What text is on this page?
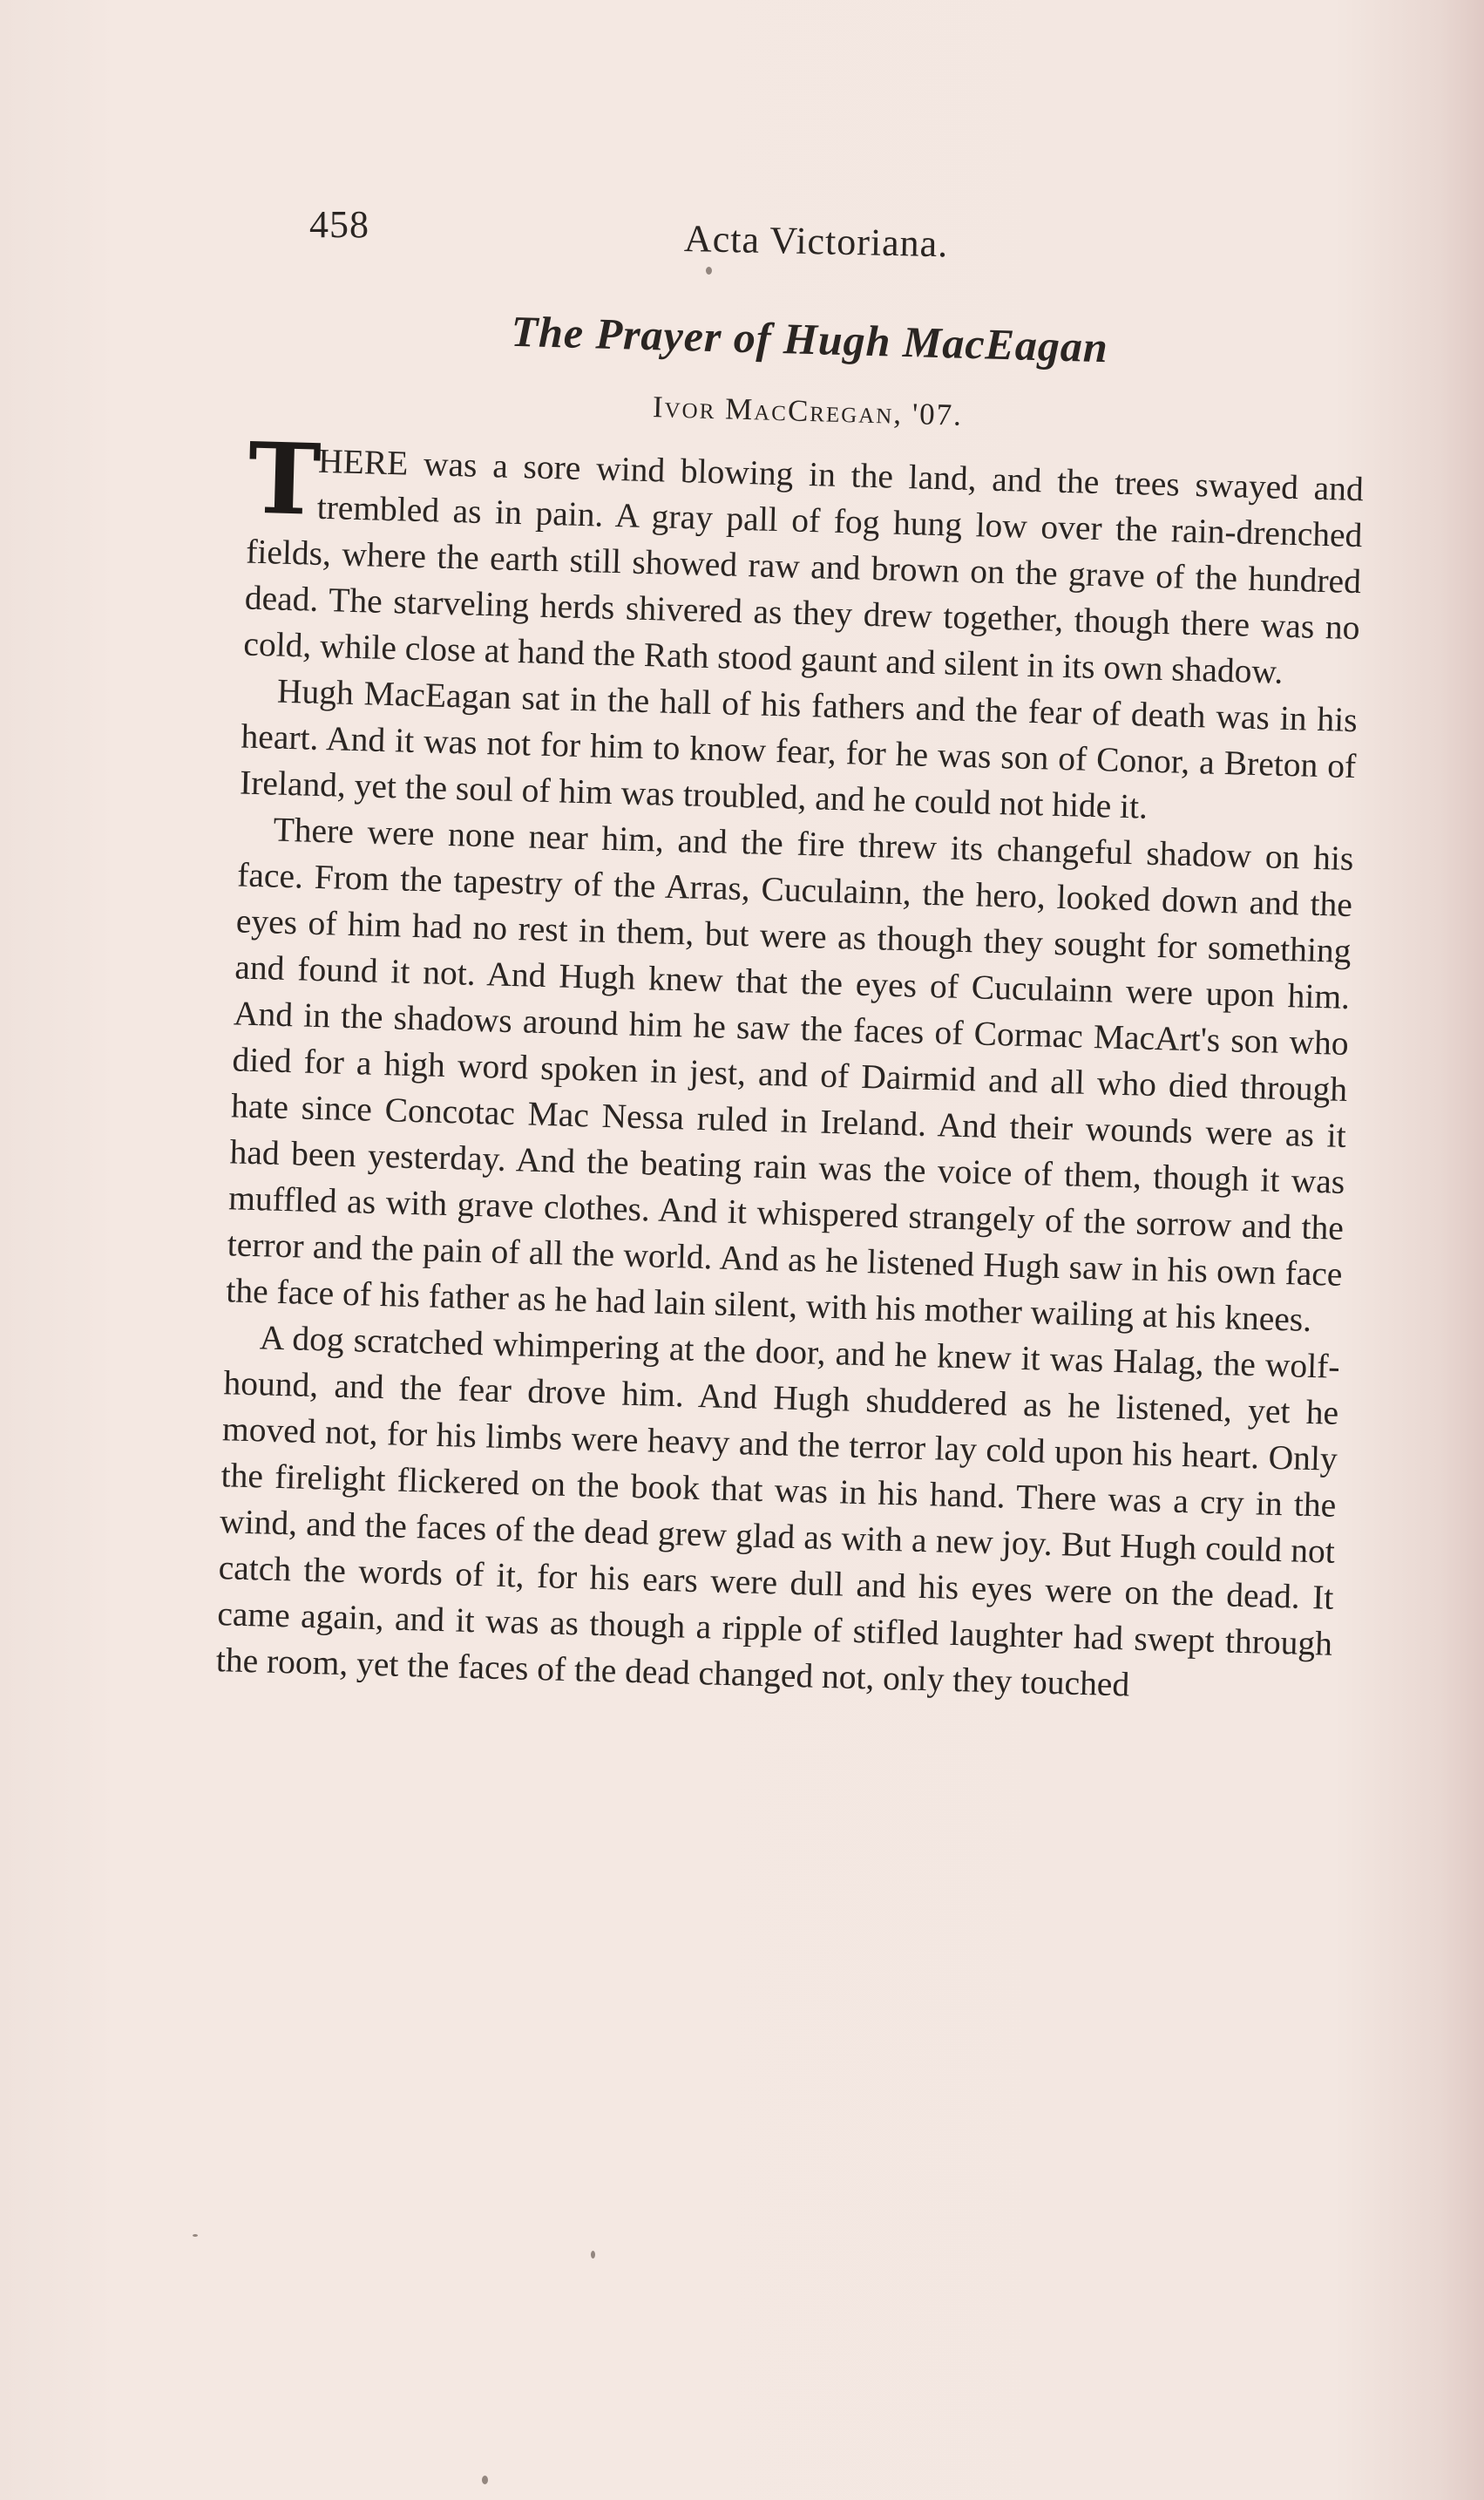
458	Acta Victoriana.
The Prayer of Hugh MacEagan
Ivor MacCregan, '07.

T
HERE was a sore wind blowing in the land, and the trees swayed and trembled as in pain. A gray pall of fog hung low over the rain-drenched fields, where the earth still showed raw and brown on the grave of the hundred dead. The starveling herds shivered as they drew together, though there was no cold, while close at hand the Rath stood gaunt and silent in its own shadow.

Hugh MacEagan sat in the hall of his fathers and the fear of death was in his heart. And it was not for him to know fear, for he was son of Conor, a Breton of Ireland, yet the soul of him was troubled, and he could not hide it.

There were none near him, and the fire threw its changeful shadow on his face. From the tapestry of the Arras, Cuculainn, the hero, looked down and the eyes of him had no rest in them, but were as though they sought for something and found it not. And Hugh knew that the eyes of Cuculainn were upon him. And in the shadows around him he saw the faces of Cormac MacArt's son who died for a high word spoken in jest, and of Dairmid and all who died through hate since Concotac Mac Nessa ruled in Ireland. And their wounds were as it had been yesterday. And the beating rain was the voice of them, though it was muffled as with grave clothes. And it whispered strangely of the sorrow and the terror and the pain of all the world. And as he listened Hugh saw in his own face the face of his father as he had lain silent, with his mother wailing at his knees.

A dog scratched whimpering at the door, and he knew it was Halag, the wolf-hound, and the fear drove him. And Hugh shuddered as he listened, yet he moved not, for his limbs were heavy and the terror lay cold upon his heart. Only the firelight flickered on the book that was in his hand. There was a cry in the wind, and the faces of the dead grew glad as with a new joy. But Hugh could not catch the words of it, for his ears were dull and his eyes were on the dead. It came again, and it was as though a ripple of stifled laughter had swept through the room, yet the faces of the dead changed not, only they touched
